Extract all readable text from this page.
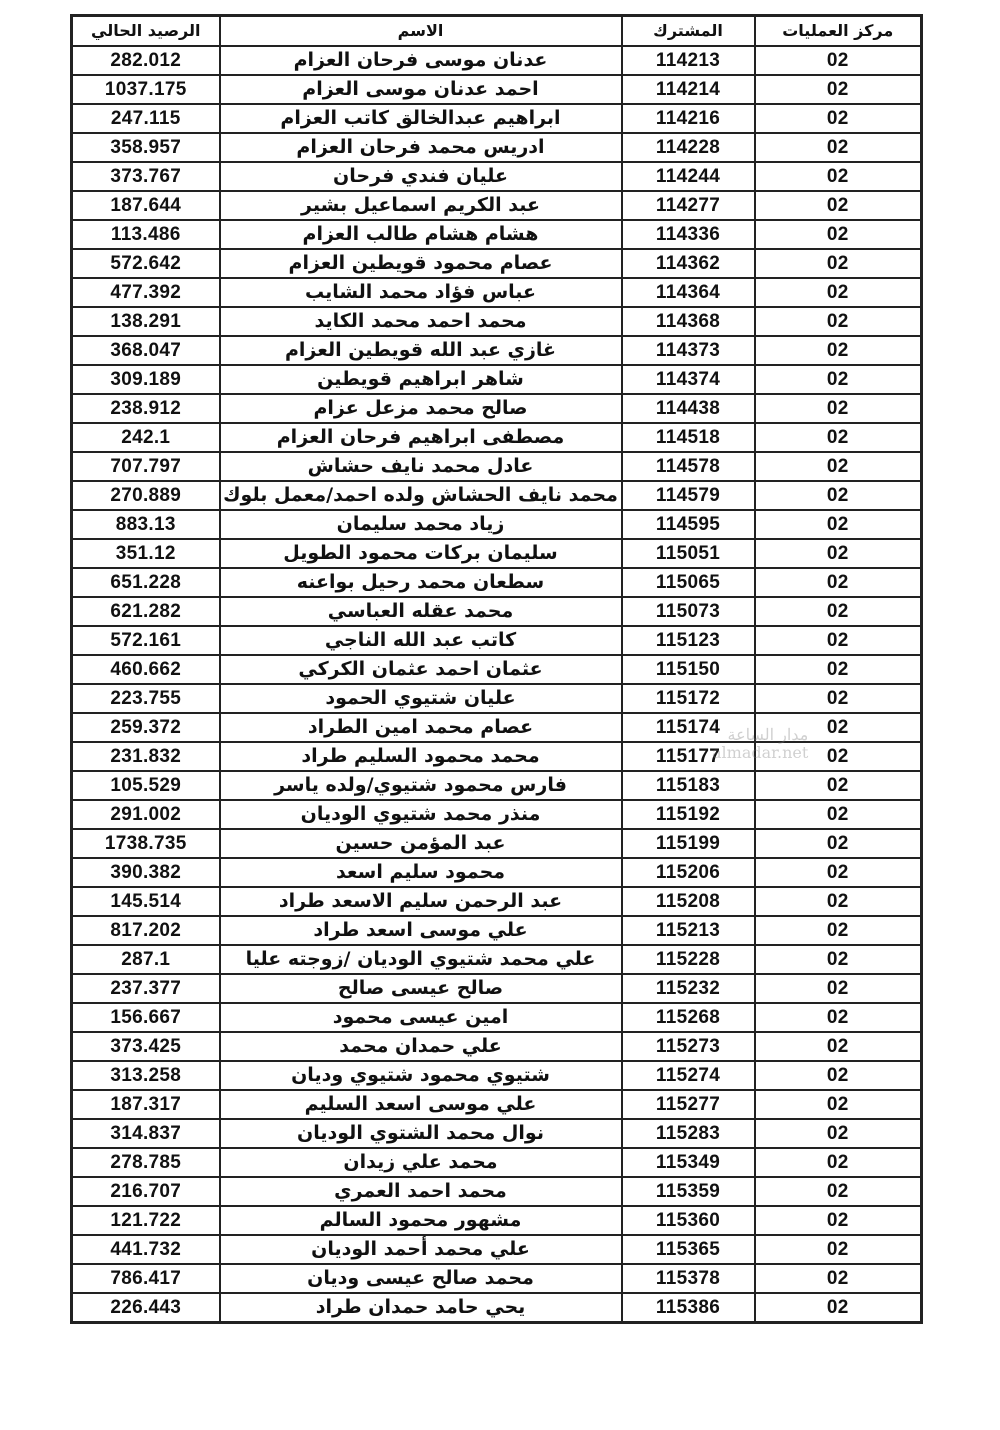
مركز العمليات	المشترك	الاسم	الرصيد الحالي
02	114213	عدنان موسى فرحان العزام	282.012
02	114214	احمد عدنان موسى العزام	1037.175
02	114216	ابراهيم عبدالخالق كاتب العزام	247.115
02	114228	ادريس محمد فرحان العزام	358.957
02	114244	عليان فندي فرحان	373.767
02	114277	عبد الكريم اسماعيل بشير	187.644
02	114336	هشام هشام طالب العزام	113.486
02	114362	عصام محمود قويطين العزام	572.642
02	114364	عباس فؤاد محمد الشايب	477.392
02	114368	محمد احمد محمد الكايد	138.291
02	114373	غازي عبد الله قويطين العزام	368.047
02	114374	شاهر ابراهيم قويطين	309.189
02	114438	صالح محمد مزعل عزام	238.912
02	114518	مصطفى ابراهيم فرحان العزام	242.1
02	114578	عادل محمد نايف حشاش	707.797
02	114579	محمد نايف الحشاش ولده احمد/معمل بلوك	270.889
02	114595	زياد محمد سليمان	883.13
02	115051	سليمان بركات محمود الطويل	351.12
02	115065	سطعان محمد رحيل بواعنه	651.228
02	115073	محمد عقله العباسي	621.282
02	115123	كاتب عبد الله الناجي	572.161
02	115150	عثمان احمد عثمان الكركي	460.662
02	115172	عليان شتيوي الحمود	223.755
02	115174	عصام محمد امين الطراد	259.372
02	115177	محمد محمود السليم طراد	231.832
02	115183	فارس محمود شتيوي/ولده ياسر	105.529
02	115192	منذر محمد شتيوي الوديان	291.002
02	115199	عبد المؤمن حسين	1738.735
02	115206	محمود سليم اسعد	390.382
02	115208	عبد الرحمن سليم الاسعد طراد	145.514
02	115213	علي موسى اسعد طراد	817.202
02	115228	علي محمد شتيوي الوديان /زوجته عليا	287.1
02	115232	صالح عيسى صالح	237.377
02	115268	امين عيسى محمود	156.667
02	115273	علي حمدان محمد	373.425
02	115274	شتيوي محمود شتيوي وديان	313.258
02	115277	علي موسى اسعد السليم	187.317
02	115283	نوال محمد الشتوي الوديان	314.837
02	115349	محمد علي زيدان	278.785
02	115359	محمد احمد العمري	216.707
02	115360	مشهور محمود السالم	121.722
02	115365	علي محمد أحمد الوديان	441.732
02	115378	محمد صالح عيسى وديان	786.417
02	115386	يحي حامد حمدان طراد	226.443
مدار الساعة
almadar.net
